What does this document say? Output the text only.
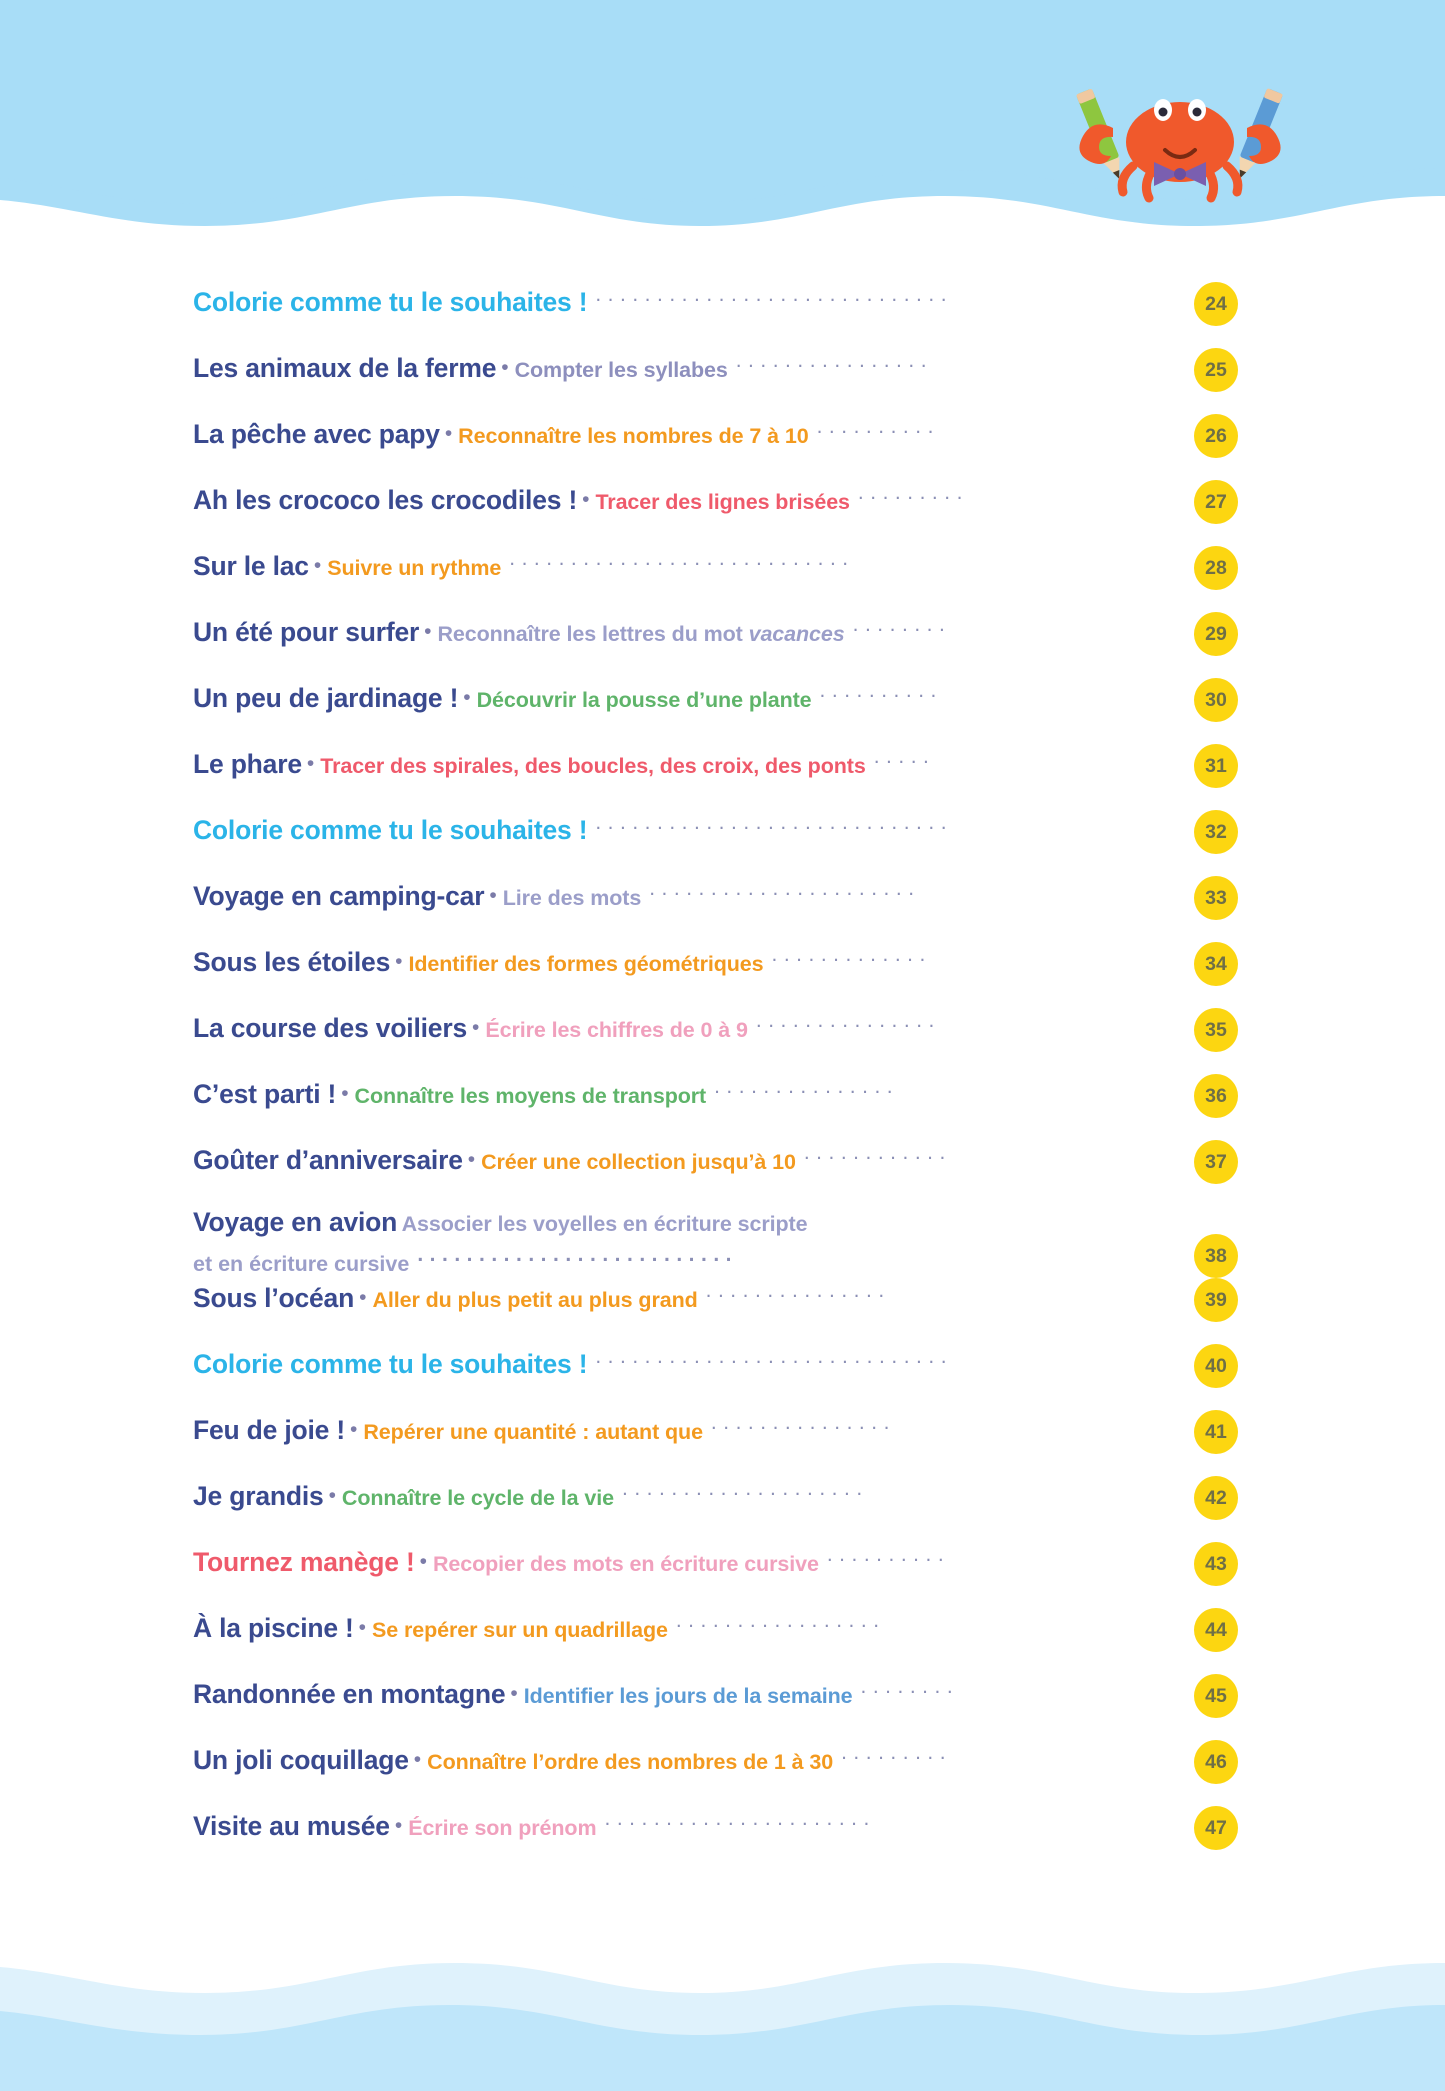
Colorie comme tu le souhaites ! .............................	24
Les animaux de la ferme • Compter les syllabes ................	25
La pêche avec papy • Reconnaître les nombres de 7 à 10 ..........	26
Ah les crococo les crocodiles ! • Tracer des lignes brisées .........	27
Sur le lac • Suivre un rythme ............................	28
Un été pour surfer • Reconnaître les lettres du mot vacances ........	29
Un peu de jardinage ! • Découvrir la pousse d’une plante ..........	30
Le phare • Tracer des spirales, des boucles, des croix, des ponts .....	31
Colorie comme tu le souhaites ! .............................	32
Voyage en camping-car • Lire des mots ......................	33
Sous les étoiles • Identifier des formes géométriques .............	34
La course des voiliers • Écrire les chiffres de 0 à 9 ...............	35
C’est parti ! • Connaître les moyens de transport ...............	36
Goûter d’anniversaire • Créer une collection jusqu’à 10 ............	37
Voyage en avion Associer les voyelles en écriture scripte
et en écriture cursive ..........................	38
Sous l’océan • Aller du plus petit au plus grand ...............	39
Colorie comme tu le souhaites ! .............................	40
Feu de joie ! • Repérer une quantité : autant que ...............	41
Je grandis • Connaître le cycle de la vie ....................	42
Tournez manège ! • Recopier des mots en écriture cursive ..........	43
À la piscine ! • Se repérer sur un quadrillage .................	44
Randonnée en montagne • Identifier les jours de la semaine ........	45
Un joli coquillage • Connaître l’ordre des nombres de 1 à 30 .........	46
Visite au musée • Écrire son prénom ......................	47
